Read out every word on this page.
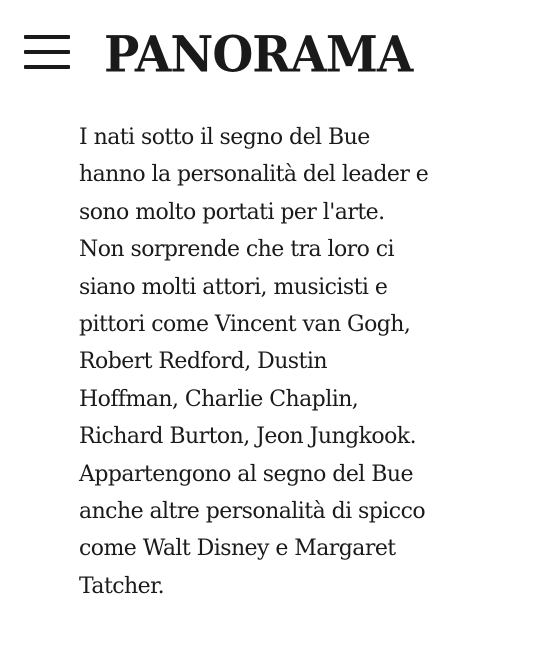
PANORAMA

I nati sotto il segno del Bue
hanno la personalità del leader e
sono molto portati per l'arte.
Non sorprende che tra loro ci
siano molti attori, musicisti e
pittori come Vincent van Gogh,
Robert Redford, Dustin
Hoffman, Charlie Chaplin,
Richard Burton, Jeon Jungkook.
Appartengono al segno del Bue
anche altre personalità di spicco
come Walt Disney e Margaret
Tatcher.
